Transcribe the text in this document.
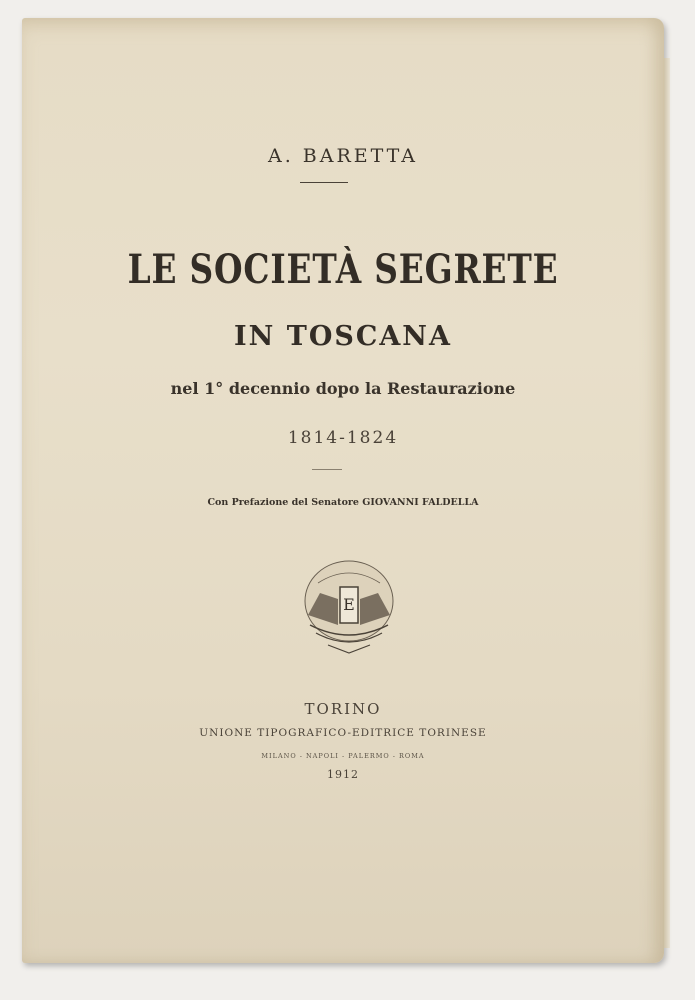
A. BARETTA
LE SOCIETÀ SEGRETE
IN TOSCANA
nel 1° decennio dopo la Restaurazione
1814-1824
Con Prefazione del Senatore GIOVANNI FALDELLA
E
TORINO
UNIONE TIPOGRAFICO-EDITRICE TORINESE
MILANO - NAPOLI - PALERMO - ROMA
1912
